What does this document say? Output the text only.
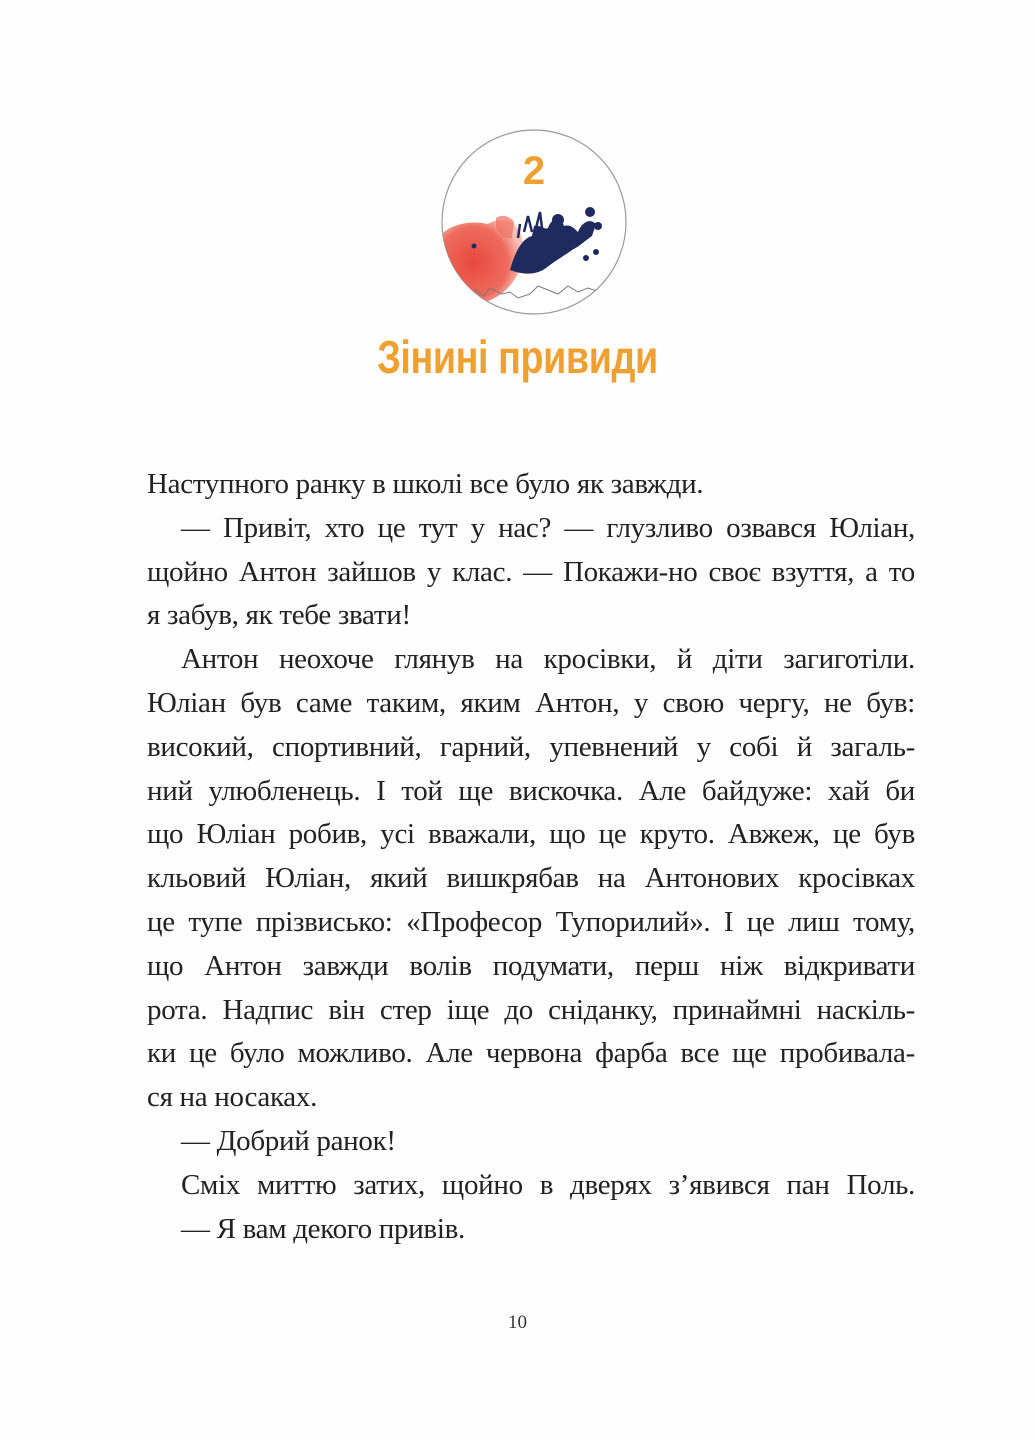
2
Зінині привиди
Наступного ранку в школі все було як завжди.
— Привіт, хто це тут у нас? — глузливо озвався Юліан,
щойно Антон зайшов у клас. — Покажи-но своє взуття, а то
я забув, як тебе звати!
Антон неохоче глянув на кросівки, й діти загиготіли.
Юліан був саме таким, яким Антон, у свою чергу, не був:
високий, спортивний, гарний, упевнений у собі й загаль-
ний улюбленець. І той ще вискочка. Але байдуже: хай би
що Юліан робив, усі вважали, що це круто. Авжеж, це був
кльовий Юліан, який вишкрябав на Антонових кросівках
це тупе прізвисько: «Професор Тупорилий». І це лиш тому,
що Антон завжди волів подумати, перш ніж відкривати
рота. Надпис він стер іще до сніданку, принаймні наскіль-
ки це було можливо. Але червона фарба все ще пробивала-
ся на носаках.
— Добрий ранок!
Сміх миттю затих, щойно в дверях з’явився пан Поль.
— Я вам декого привів.
10
